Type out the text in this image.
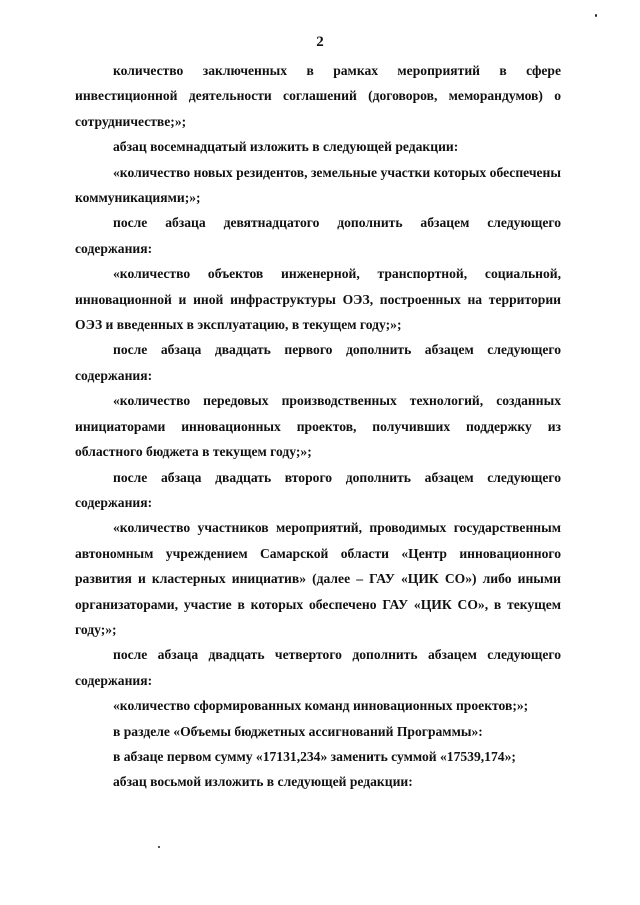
2

количество заключенных в рамках мероприятий в сфере инвестиционной деятельности соглашений (договоров, меморандумов) о сотрудничестве;»;

абзац восемнадцатый изложить в следующей редакции:

«количество новых резидентов, земельные участки которых обеспечены коммуникациями;»;

после абзаца девятнадцатого дополнить абзацем следующего содержания:

«количество объектов инженерной, транспортной, социальной, инновационной и иной инфраструктуры ОЭЗ, построенных на территории ОЭЗ и введенных в эксплуатацию, в текущем году;»;

после абзаца двадцать первого дополнить абзацем следующего содержания:

«количество передовых производственных технологий, созданных инициаторами инновационных проектов, получивших поддержку из областного бюджета в текущем году;»;

после абзаца двадцать второго дополнить абзацем следующего содержания:

«количество участников мероприятий, проводимых государственным автономным учреждением Самарской области «Центр инновационного развития и кластерных инициатив» (далее – ГАУ «ЦИК СО») либо иными организаторами, участие в которых обеспечено ГАУ «ЦИК СО», в текущем году;»;

после абзаца двадцать четвертого дополнить абзацем следующего содержания:

«количество сформированных команд инновационных проектов;»;

в разделе «Объемы бюджетных ассигнований Программы»:

в абзаце первом сумму «17131,234» заменить суммой «17539,174»;

абзац восьмой изложить в следующей редакции:
